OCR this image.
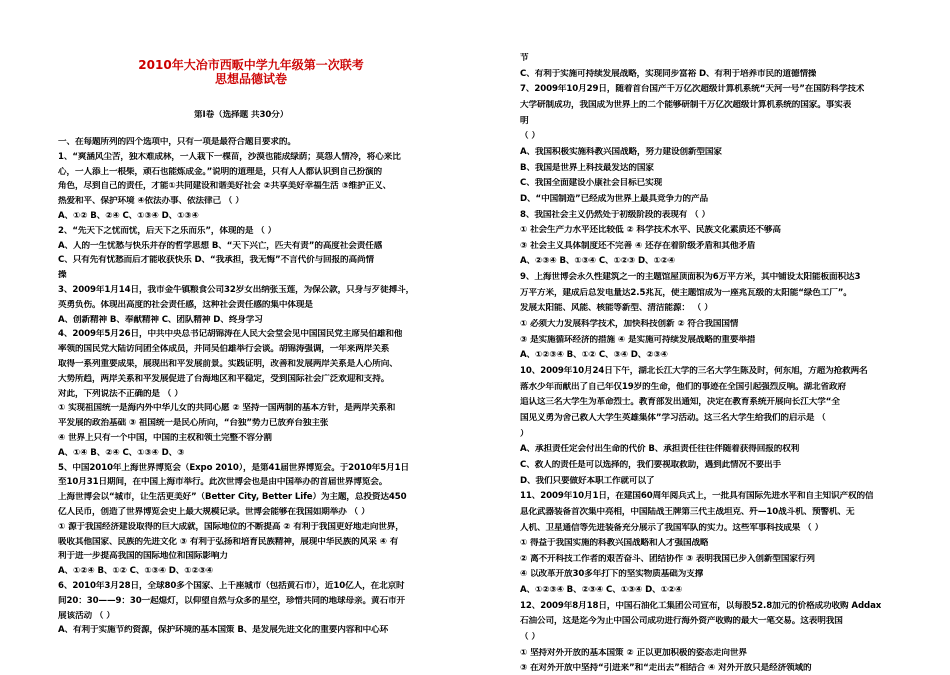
2010年大冶市西畈中学九年级第一次联考
思想品德试卷
第Ⅰ卷（选择题 共30分）
一、在每题所列的四个选项中，只有一项是最符合题目要求的。
1、“爽涵风尘苦，独木难成林，一人栽下一棵苗，沙漠也能成绿荫；莫怨人情冷，将心来比
心，一人添上一根柴，顽石也能炼成金。”说明的道理是，只有人人都认识到自己扮演的
角色，尽到自己的责任，才能①共同建设和谐美好社会 ②共享美好幸福生活 ③维护正义、
热爱和平、保护环境 ④依法办事、依法律己 （ ）
A、①② B、②④ C、①③④ D、①③④
2、“先天下之忧而忧，后天下之乐而乐”，体现的是 （ ）
A、人的一生忧愁与快乐并存的哲学思想 B、“天下兴亡，匹夫有责”的高度社会责任感
C、只有先有忧愁而后才能收获快乐 D、“我承担，我无悔”不言代价与回报的高尚情
操
3、2009年1月14日，我市金牛镇粮食公司32岁女出纳张玉莲，为保公款，只身与歹徒搏斗，
英勇负伤。体现出高度的社会责任感，这种社会责任感的集中体现是
A、创新精神 B、奉献精神 C、团队精神 D、终身学习
4、2009年5月26日，中共中央总书记胡锦涛在人民大会堂会见中国国民党主席吴伯雄和他
率领的国民党大陆访问团全体成员，并同吴伯雄举行会谈。胡锦涛强调，一年来两岸关系
取得一系列重要成果，展现出和平发展前景。实践证明，改善和发展两岸关系是人心所向、
大势所趋，两岸关系和平发展促进了台海地区和平稳定，受到国际社会广泛欢迎和支持。
对此，下列说法不正确的是 （ ）
① 实现祖国统一是海内外中华儿女的共同心愿 ② 坚持一国两制的基本方针，是两岸关系和
平发展的政治基础 ③ 祖国统一是民心所向，“台独”势力已放弃台独主张
④ 世界上只有一个中国，中国的主权和领土完整不容分割
A、①④ B、②④ C、①③④ D、③
5、中国2010年上海世界博览会（Expo 2010），是第41届世界博览会。于2010年5月1日
至10月31日期间，在中国上海市举行。此次世博会也是由中国举办的首届世界博览会。
上海世博会以“城市，让生活更美好”（Better City, Better Life）为主题，总投资达450
亿人民币，创造了世界博览会史上最大规模记录。世博会能够在我国如期举办 （ ）
① 源于我国经济建设取得的巨大成就，国际地位的不断提高 ② 有利于我国更好地走向世界，
吸收其他国家、民族的先进文化 ③ 有利于弘扬和培育民族精神，展现中华民族的风采 ④ 有
利于进一步提高我国的国际地位和国际影响力
A、①②④ B、①② C、①③④ D、①②③④
6、2010年3月28日，全球80多个国家、上千座城市（包括黄石市），近10亿人，在北京时
间20：30——9：30一起熄灯，以仰望自然与众多的星空，珍惜共同的地球母亲。黄石市开
展该活动 （ ）
A、有利于实施节约资源，保护环境的基本国策 B、是发展先进文化的重要内容和中心环
节
C、有利于实施可持续发展战略，实现同步富裕 D、有利于培养市民的道德情操
7、2009年10月29日，随着首台国产千万亿次超级计算机系统“天河一号”在国防科学技术
大学研制成功，我国成为世界上的二个能够研制千万亿次超级计算机系统的国家。事实表
明
（ ）
A、我国积极实施科教兴国战略，努力建设创新型国家
B、我国是世界上科技最发达的国家
C、我国全面建设小康社会目标已实现
D、“中国制造”已经成为世界上最具竞争力的产品
8、我国社会主义仍然处于初级阶段的表现有 （ ）
① 社会生产力水平还比较低 ② 科学技术水平、民族文化素质还不够高
③ 社会主义具体制度还不完善 ④ 还存在着阶级矛盾和其他矛盾
A、②③④ B、①③④ C、①②③ D、①②④
9、上海世博会永久性建筑之一的主题馆屋顶面积为6万平方米，其中铺设太阳能板面积达3
万平方米，建成后总发电量达2.5兆瓦，使主题馆成为一座兆瓦级的太阳能“绿色工厂”。
发展太阳能、风能、核能等新型、清洁能源： （ ）
① 必须大力发展科学技术，加快科技创新 ② 符合我国国情
③ 是实施循环经济的措施 ④ 是实施可持续发展战略的重要举措
A、①②③④ B、①② C、③④ D、②③④
10、2009年10月24日下午，湖北长江大学的三名大学生陈及时，何东旭，方超为抢救两名
落水少年而献出了自己年仅19岁的生命，他们的事迹在全国引起强烈反响。湖北省政府
追认这三名大学生为革命烈士。教育部发出通知，决定在教育系统开展向长江大学“全
国见义勇为舍己救人大学生英雄集体”学习活动。这三名大学生给我们的启示是 （
）
A、承担责任定会付出生命的代价 B、承担责任往往伴随着获得回报的权利
C、救人的责任是可以选择的，我们要视取救助，遇到此情况不要出手
D、我们只要做好本职工作就可以了
11、2009年10月1日，在建国60周年阅兵式上，一批具有国际先进水平和自主知识产权的信
息化武器装备首次集中亮相，中国陆战王牌第三代主战坦克、歼—10战斗机、预警机、无
人机、卫星通信等先进装备充分展示了我国军队的实力。这些军事科技成果 （ ）
① 得益于我国实施的科教兴国战略和人才强国战略
② 离不开科技工作者的艰苦奋斗、团结协作 ③ 表明我国已步入创新型国家行列
④ 以改革开放30多年打下的坚实物质基础为支撑
A、①②③④ B、②③④ C、①③④ D、①②④
12、2009年8月18日，中国石油化工集团公司宣布，以每股52.8加元的价格成功收购 Addax
石油公司，这是迄今为止中国公司成功进行海外资产收购的最大一笔交易。这表明我国
（ ）
① 坚持对外开放的基本国策 ② 正以更加积极的姿态走向世界
③ 在对外开放中坚持“引进来”和“走出去”相结合 ④ 对外开放只是经济领域的
